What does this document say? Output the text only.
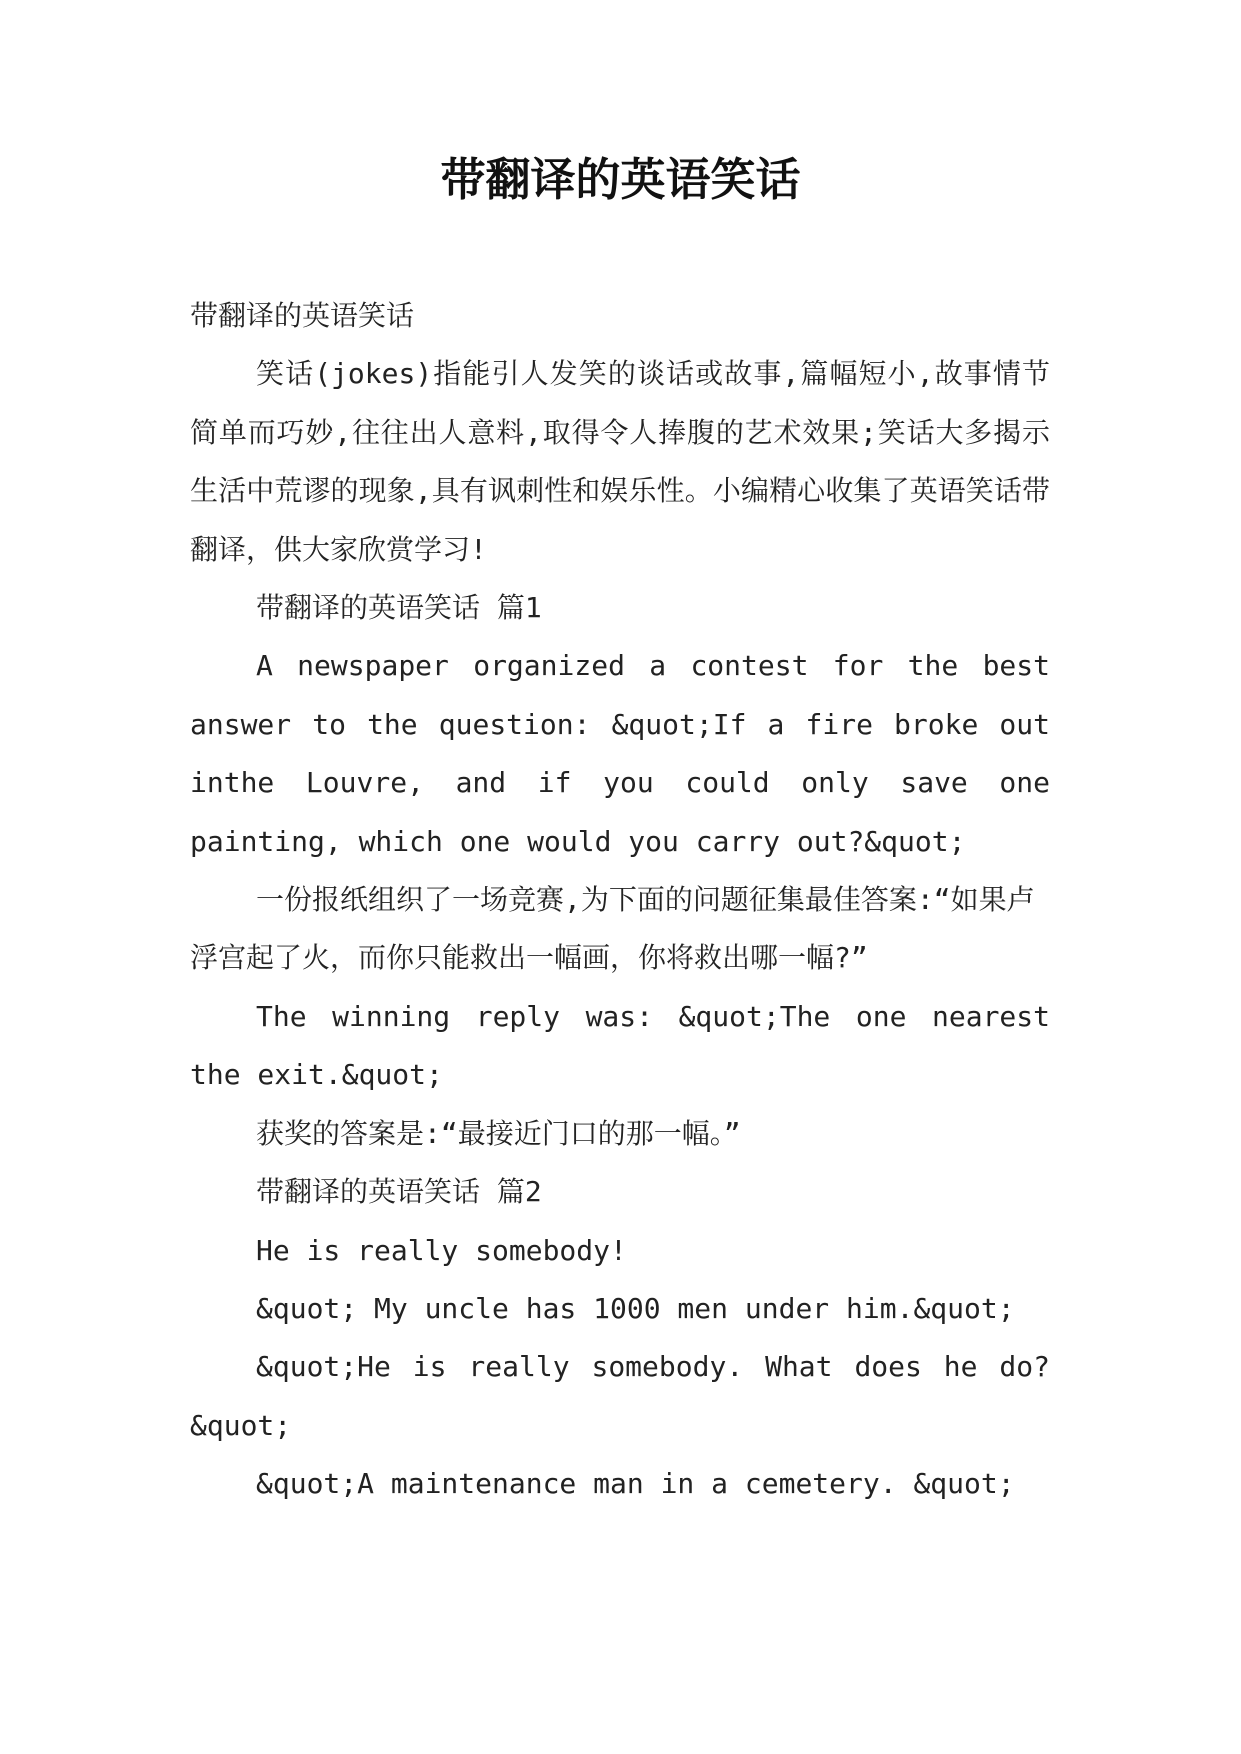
带翻译的英语笑话

带翻译的英语笑话

笑话(jokes)指能引人发笑的谈话或故事,篇幅短小,故事情节简单而巧妙,往往出人意料,取得令人捧腹的艺术效果;笑话大多揭示生活中荒谬的现象,具有讽刺性和娱乐性。小编精心收集了英语笑话带翻译，供大家欣赏学习!

带翻译的英语笑话 篇1

A newspaper organized a contest for the best answer to the question: &quot;If a fire broke out inthe Louvre, and if you could only save one painting, which one would you carry out?&quot;

一份报纸组织了一场竞赛,为下面的问题征集最佳答案:“如果卢浮宫起了火，而你只能救出一幅画，你将救出哪一幅?”

The winning reply was: &quot;The one nearest the exit.&quot;

获奖的答案是:“最接近门口的那一幅。”

带翻译的英语笑话 篇2

He is really somebody!

&quot; My uncle has 1000 men under him.&quot;

&quot;He is really somebody. What does he do?&quot;

&quot;A maintenance man in a cemetery. &quot;
